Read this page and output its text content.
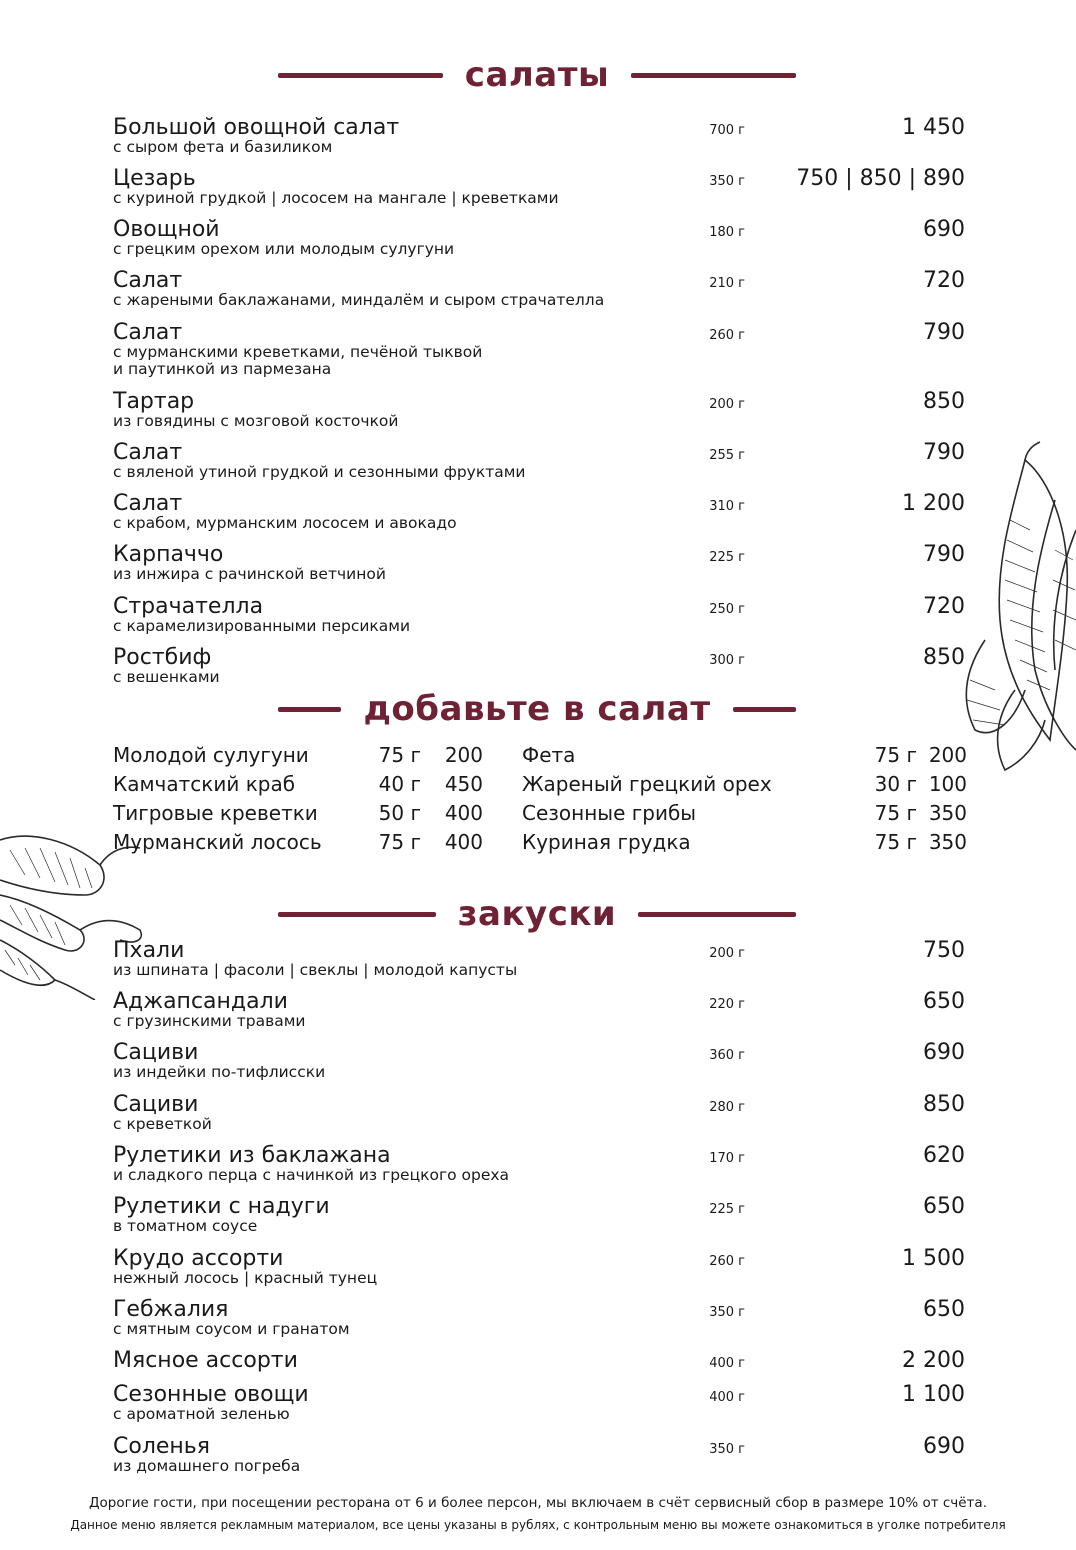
салаты
добавьте в салат
закуски
Большой овощной салат
с сыром фета и базиликом
700 г	1 450
Цезарь
с куриной грудкой | лососем на мангале | креветками
350 г 750 | 850 | 890
Овощной
с грецким орехом или молодым сулугуни
180 г	690
Салат
с жареными баклажанами, миндалём и сыром страчателла
210 г	720
Салат
с мурманскими креветками, печёной тыквой
и паутинкой из пармезана
260 г	790
Тартар
из говядины с мозговой косточкой
200 г	850
Салат
с вяленой утиной грудкой и сезонными фруктами
255 г	790
Салат
с крабом, мурманским лососем и авокадо
310 г	1 200
Карпаччо
из инжира с рачинской ветчиной
225 г	790
Страчателла
с карамелизированными персиками
250 г	720
Ростбиф
с вешенками
300 г	850
Пхали
из шпината | фасоли | свеклы | молодой капусты
200 г	750
Аджапсандали
с грузинскими травами
220 г	650
Сациви
из индейки по-тифлисски
360 г	690
Сациви
с креветкой
280 г	850
Рулетики из баклажана
и сладкого перца с начинкой из грецкого ореха
170 г	620
Рулетики с надуги
в томатном соусе
225 г	650
Крудо ассорти
нежный лосось | красный тунец
260 г	1 500
Гебжалия
с мятным соусом и гранатом
350 г	650
Мясное ассорти	400 г	2 200
Сезонные овощи
с ароматной зеленью
400 г	1 100
Соленья
из домашнего погреба
350 г	690
Молодой сулугуни	75 г	200
Камчатский краб	40 г	450
Тигровые креветки	50 г	400
Мурманский лосось	75 г	400
Фета	75 г 200
Жареный грецкий орех	30 г 100
Сезонные грибы	75 г 350
Куриная грудка	75 г 350
Дорогие гости, при посещении ресторана от 6 и более персон, мы включаем в счёт сервисный сбор в размере 10% от счёта.
Данное меню является рекламным материалом, все цены указаны в рублях, с контрольным меню вы можете ознакомиться в уголке потребителя
